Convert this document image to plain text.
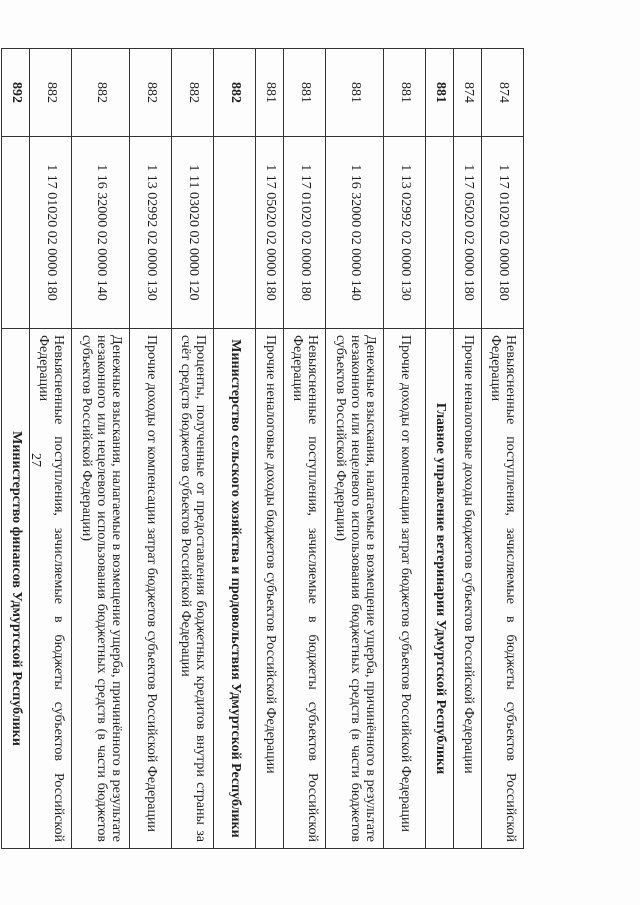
27
874	1 17 01020 02 0000 180	Невыясненные поступления, зачисляемые в бюджеты субъектов Российской Федерации
874	1 17 05020 02 0000 180	Прочие неналоговые доходы бюджетов субъектов Российской Федерации
881		Главное управление ветеринарии Удмуртской Республики
881	1 13 02992 02 0000 130	Прочие доходы от компенсации затрат бюджетов субъектов Российской Федерации
881	1 16 32000 02 0000 140	Денежные взыскания, налагаемые в возмещение ущерба, причинённого в результате незаконного или нецелевого использования бюджетных средств (в части бюджетов субъектов Российской Федерации)
881	1 17 01020 02 0000 180	Невыясненные поступления, зачисляемые в бюджеты субъектов Российской Федерации
881	1 17 05020 02 0000 180	Прочие неналоговые доходы бюджетов субъектов Российской Федерации
882		Министерство сельского хозяйства и продовольствия Удмуртской Республики
882	1 11 03020 02 0000 120	Проценты, полученные от предоставления бюджетных кредитов внутри страны за счёт средств бюджетов субъектов Российской Федерации
882	1 13 02992 02 0000 130	Прочие доходы от компенсации затрат бюджетов субъектов Российской Федерации
882	1 16 32000 02 0000 140	Денежные взыскания, налагаемые в возмещение ущерба, причинённого в результате незаконного или нецелевого использования бюджетных средств (в части бюджетов субъектов Российской Федерации)
882	1 17 01020 02 0000 180	Невыясненные поступления, зачисляемые в бюджеты субъектов Российской Федерации
892		Министерство финансов Удмуртской Республики
